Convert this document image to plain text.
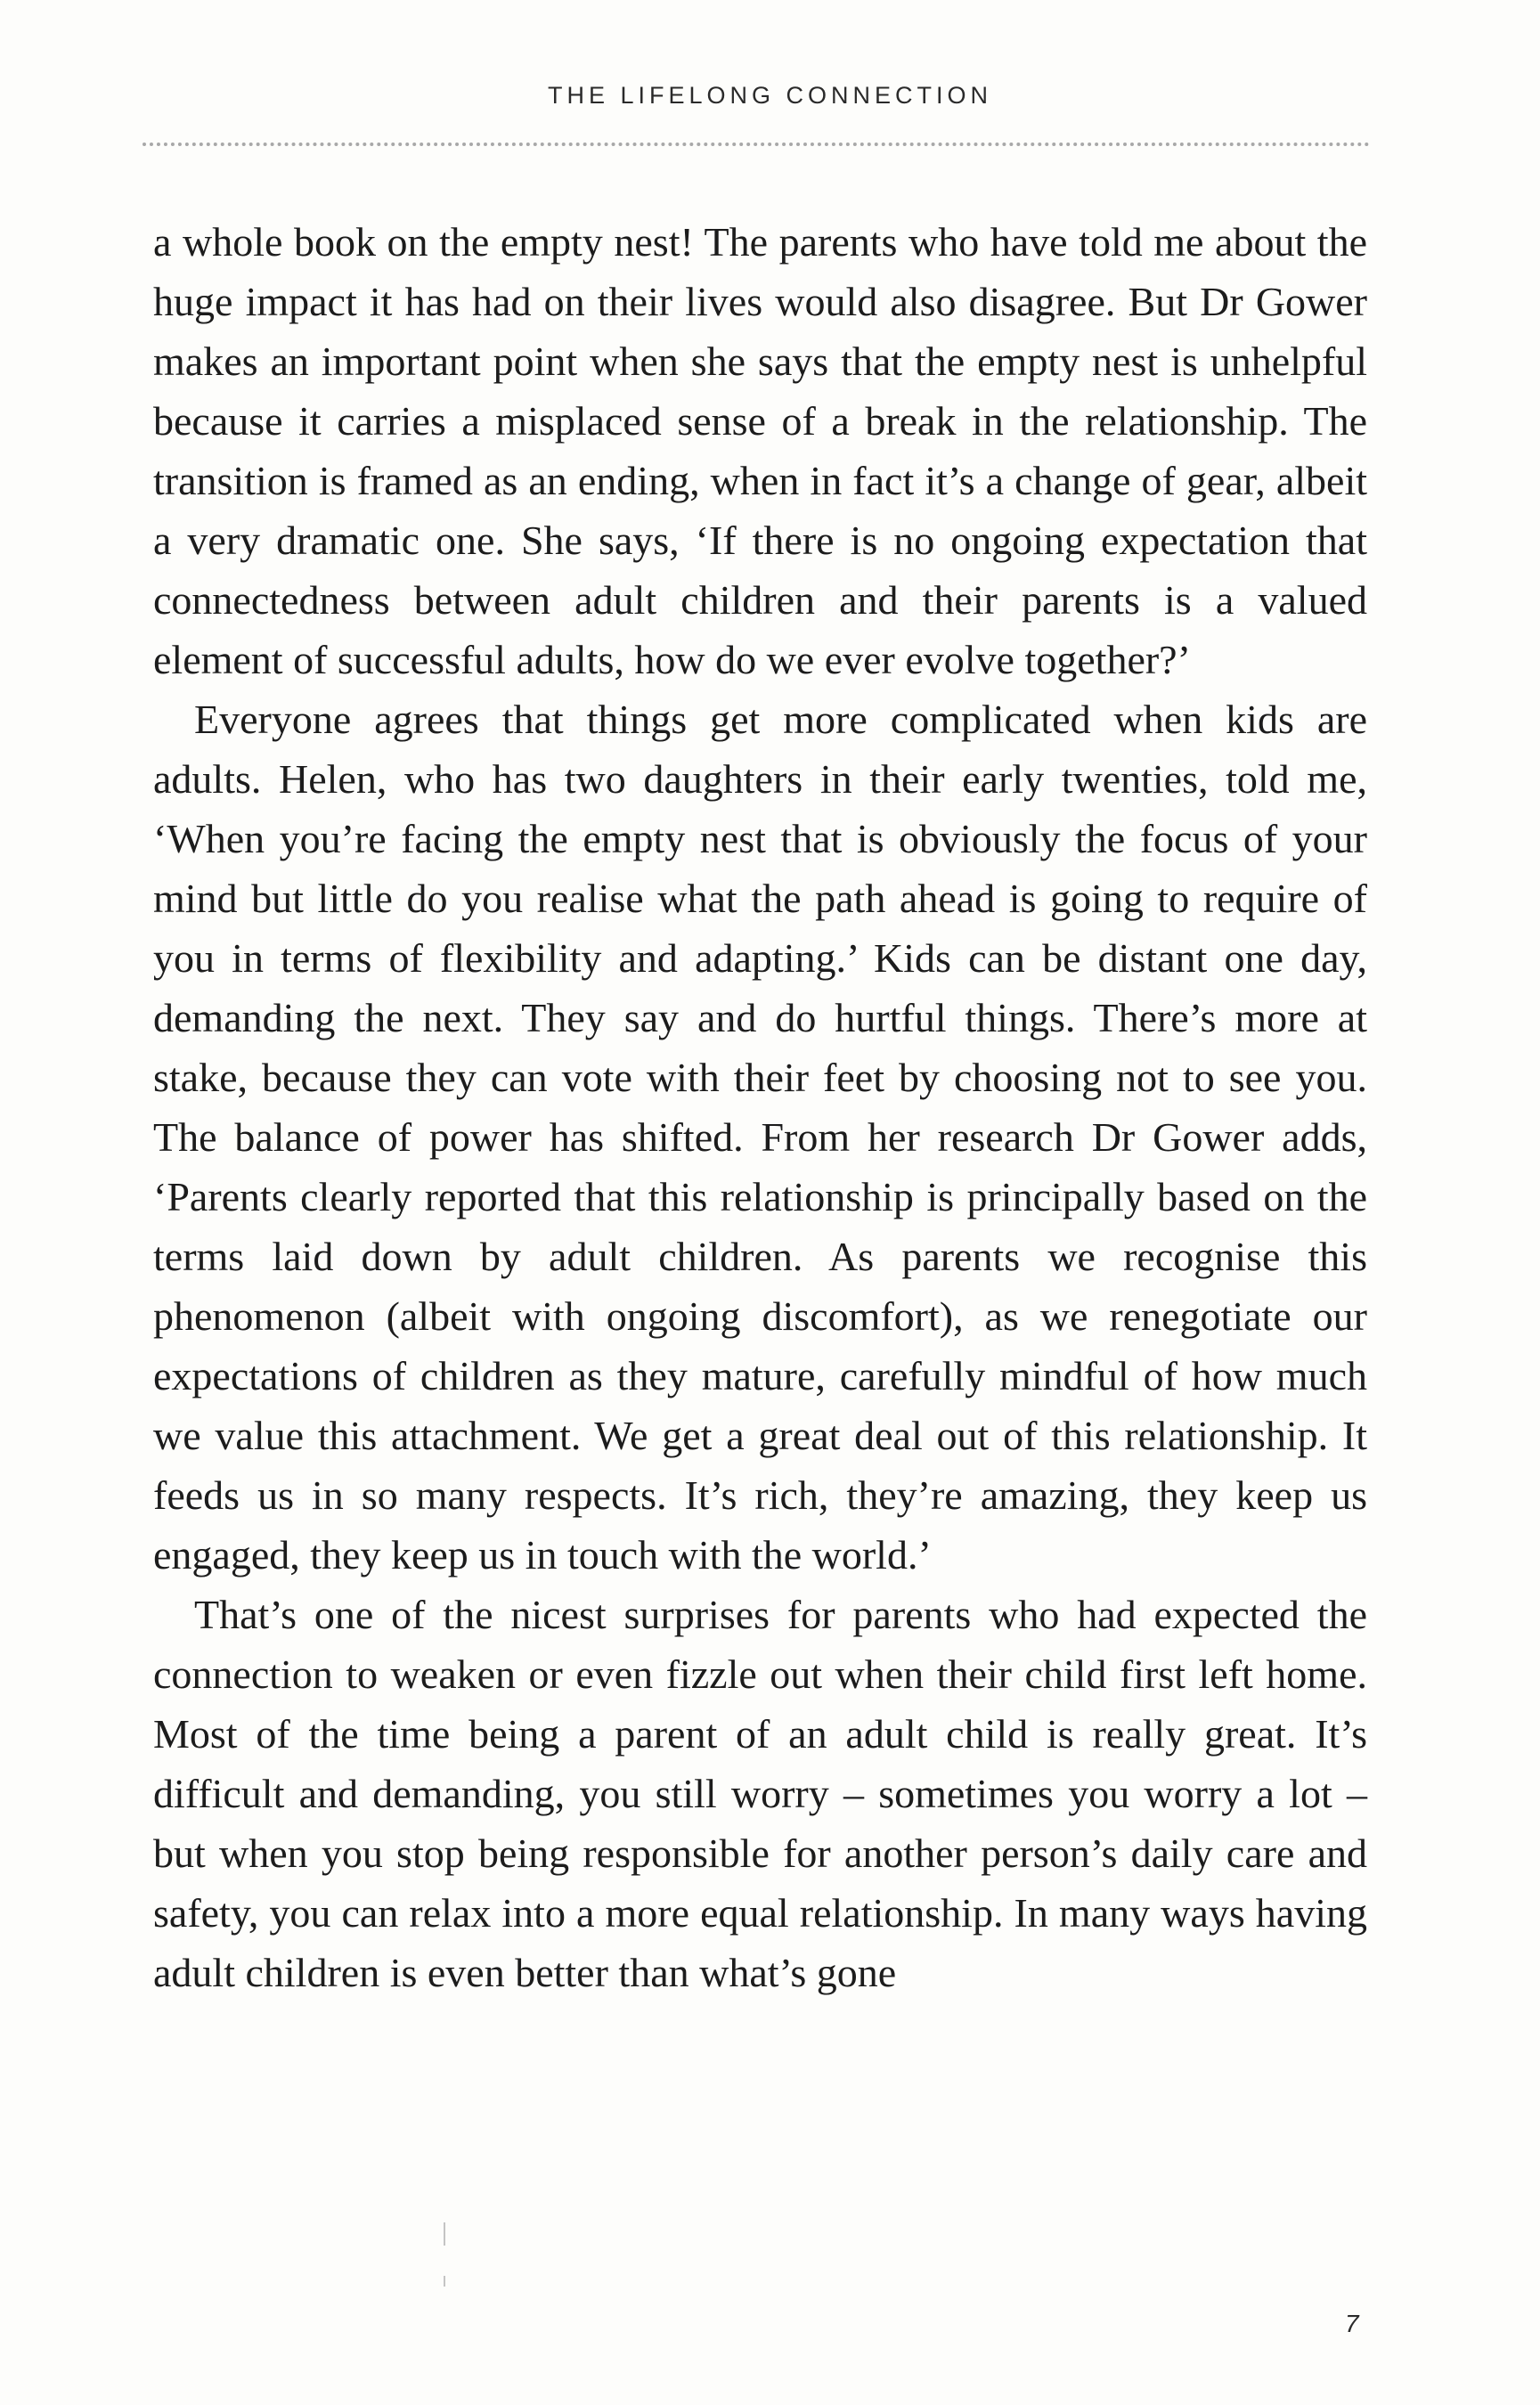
THE LIFELONG CONNECTION

a whole book on the empty nest! The parents who have told me about the huge impact it has had on their lives would also disagree. But Dr Gower makes an important point when she says that the empty nest is unhelpful because it carries a misplaced sense of a break in the relationship. The transition is framed as an ending, when in fact it’s a change of gear, albeit a very dramatic one. She says, ‘If there is no ongoing expectation that connectedness between adult children and their parents is a valued element of successful adults, how do we ever evolve together?’

Everyone agrees that things get more complicated when kids are adults. Helen, who has two daughters in their early twenties, told me, ‘When you’re facing the empty nest that is obviously the focus of your mind but little do you realise what the path ahead is going to require of you in terms of flexibility and adapting.’ Kids can be distant one day, demanding the next. They say and do hurtful things. There’s more at stake, because they can vote with their feet by choosing not to see you. The balance of power has shifted. From her research Dr Gower adds, ‘Parents clearly reported that this relationship is principally based on the terms laid down by adult children. As parents we recognise this phenomenon (albeit with ongoing discomfort), as we renegotiate our expectations of children as they mature, carefully mindful of how much we value this attachment. We get a great deal out of this relationship. It feeds us in so many respects. It’s rich, they’re amazing, they keep us engaged, they keep us in touch with the world.’

That’s one of the nicest surprises for parents who had expected the connection to weaken or even fizzle out when their child first left home. Most of the time being a parent of an adult child is really great. It’s difficult and demanding, you still worry – sometimes you worry a lot – but when you stop being responsible for another person’s daily care and safety, you can relax into a more equal relationship. In many ways having adult children is even better than what’s gone

7
